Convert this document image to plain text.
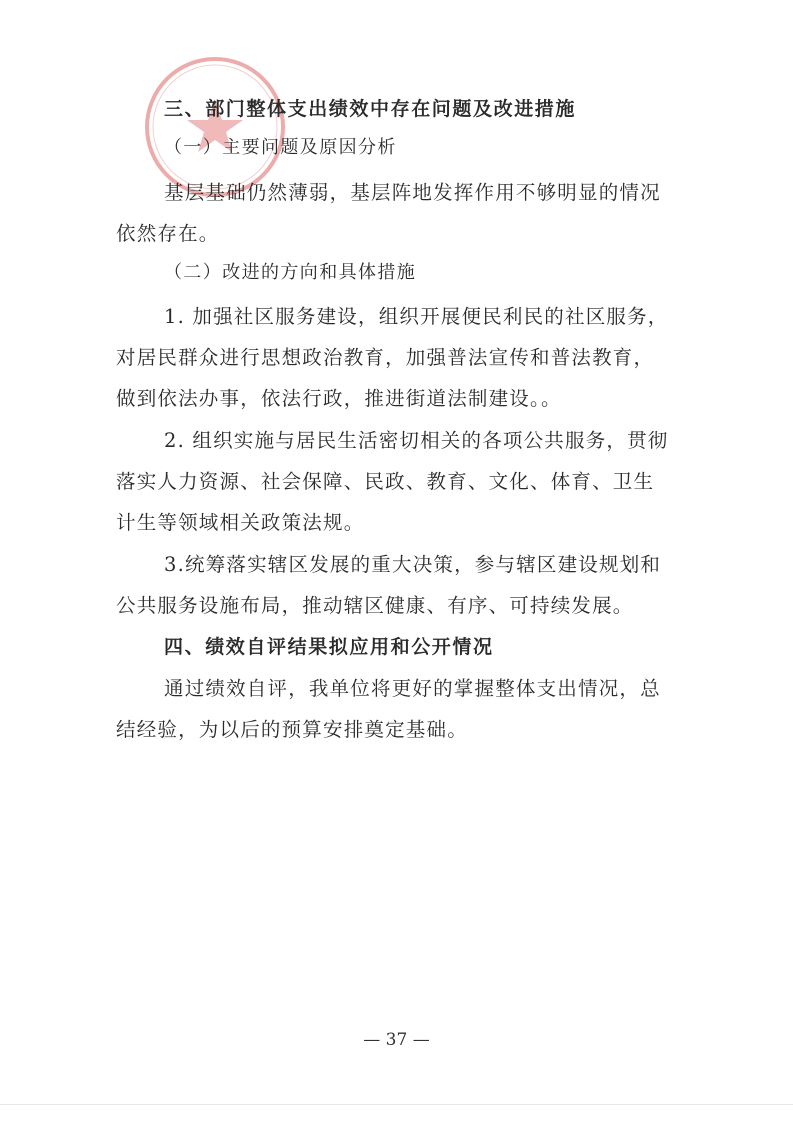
三、部门整体支出绩效中存在问题及改进措施
（一）主要问题及原因分析
基层基础仍然薄弱，基层阵地发挥作用不够明显的情况
依然存在。
（二）改进的方向和具体措施
1. 加强社区服务建设，组织开展便民利民的社区服务，
对居民群众进行思想政治教育，加强普法宣传和普法教育，
做到依法办事，依法行政，推进街道法制建设。。
2. 组织实施与居民生活密切相关的各项公共服务，贯彻
落实人力资源、社会保障、民政、教育、文化、体育、卫生
计生等领域相关政策法规。
3.统筹落实辖区发展的重大决策，参与辖区建设规划和
公共服务设施布局，推动辖区健康、有序、可持续发展。
四、绩效自评结果拟应用和公开情况
通过绩效自评，我单位将更好的掌握整体支出情况，总
结经验，为以后的预算安排奠定基础。
— 37 —
